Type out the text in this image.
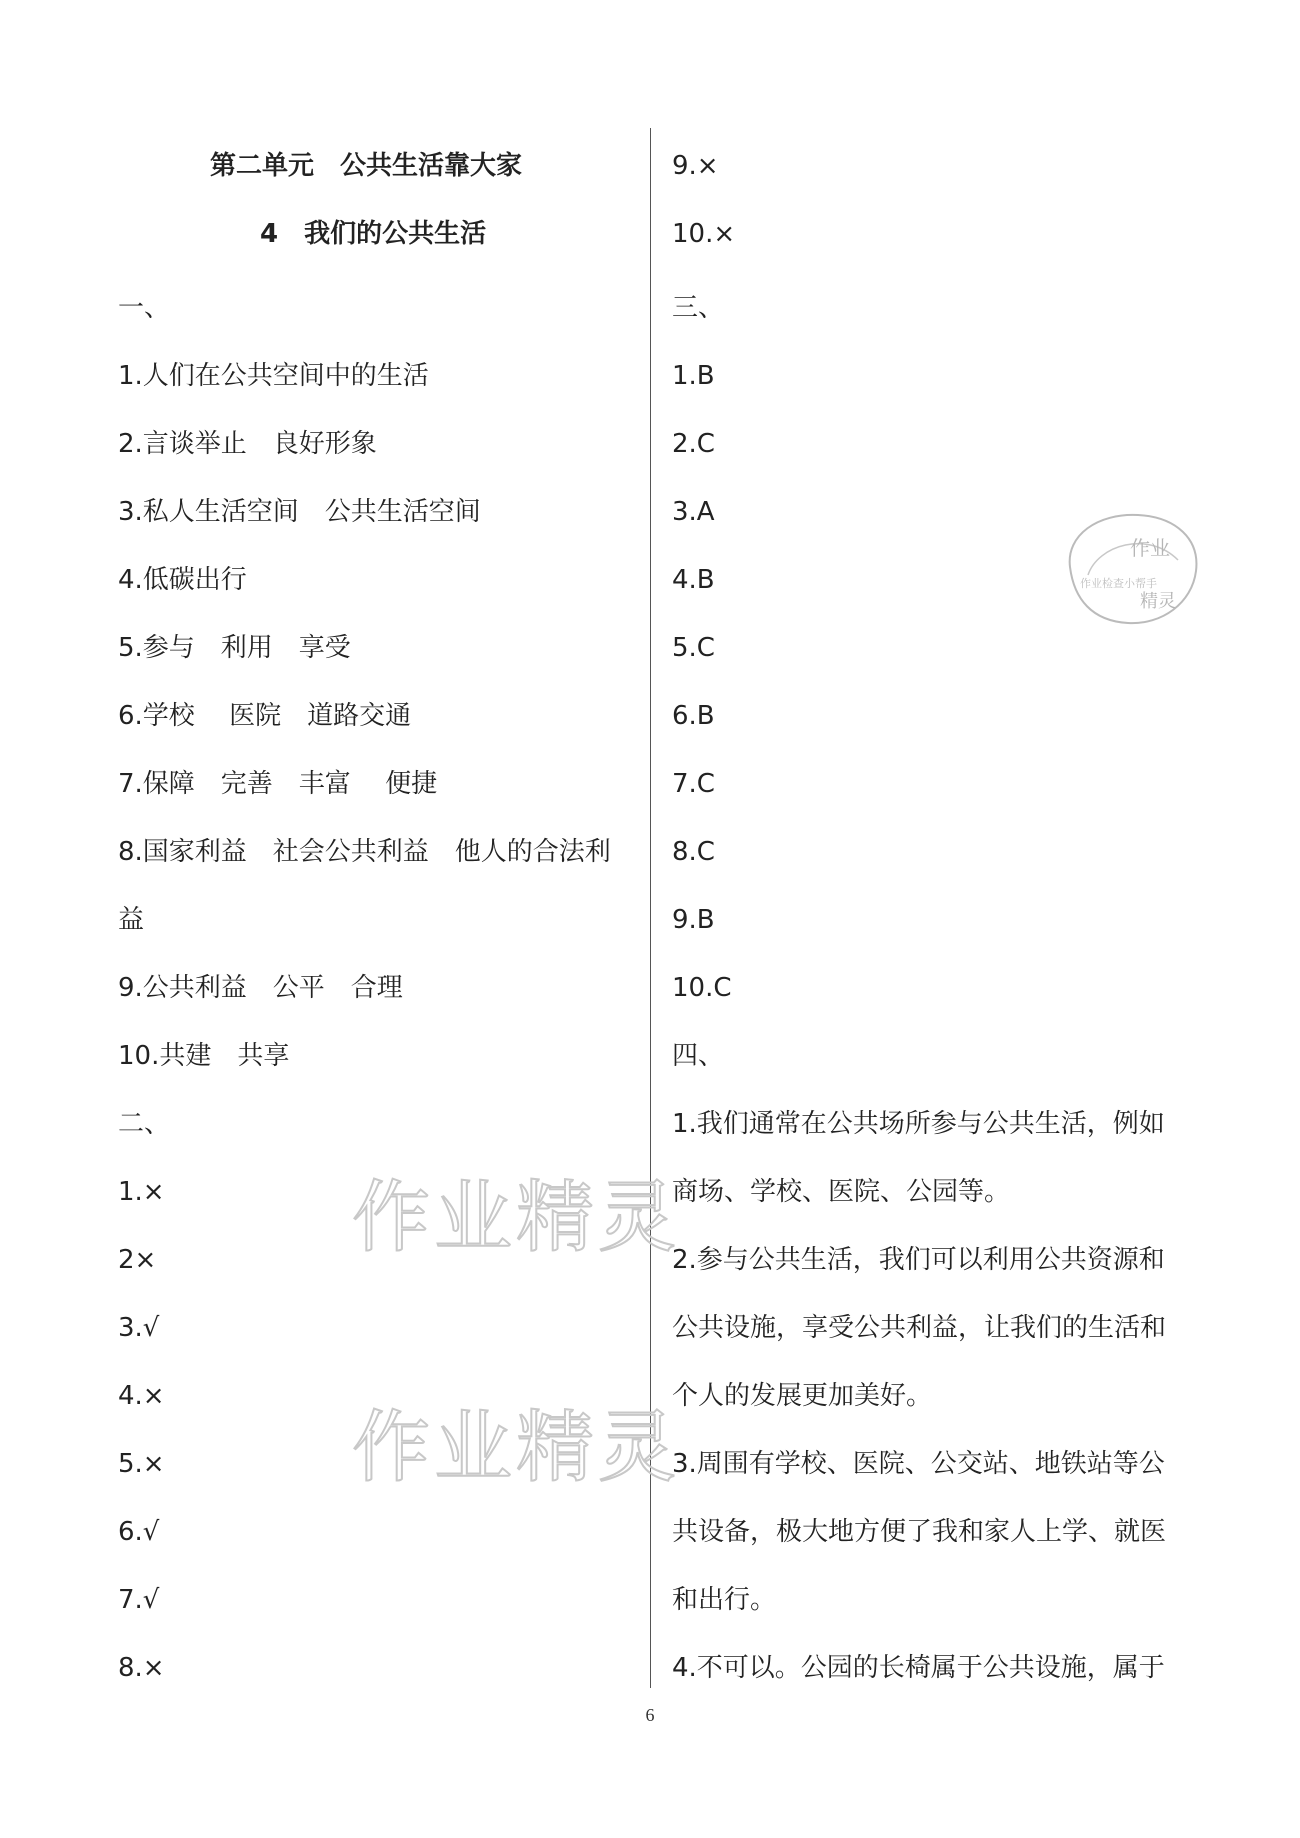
第二单元　公共生活靠大家
4　我们的公共生活
一、
1.人们在公共空间中的生活
2.言谈举止　良好形象
3.私人生活空间　公共生活空间
4.低碳出行
5.参与　利用　享受
6.学校　 医院　道路交通
7.保障　完善　丰富　 便捷
8.国家利益　社会公共利益　他人的合法利
益
9.公共利益　公平　合理
10.共建　共享
二、
1.×
2×
3.√
4.×
5.×
6.√
7.√
8.×
9.×
10.×
三、
1.B
2.C
3.A
4.B
5.C
6.B
7.C
8.C
9.B
10.C
四、
1.我们通常在公共场所参与公共生活，例如
商场、学校、医院、公园等。
2.参与公共生活，我们可以利用公共资源和
公共设施，享受公共利益，让我们的生活和
个人的发展更加美好。
3.周围有学校、医院、公交站、地铁站等公
共设备，极大地方便了我和家人上学、就医
和出行。
4.不可以。公园的长椅属于公共设施，属于
作业精灵
作业精灵
作业
作业检查小帮手
精灵
6
